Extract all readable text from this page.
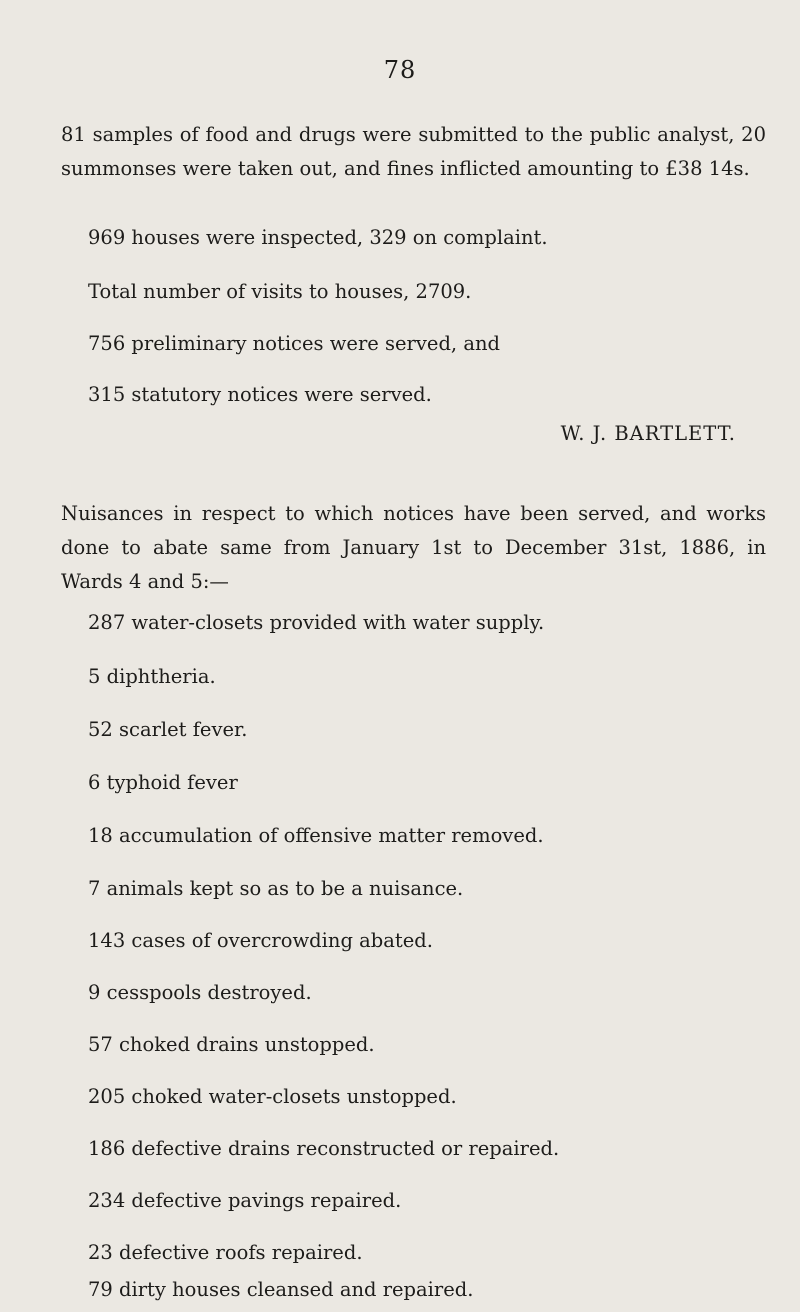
78
81 samples of food and drugs were submitted to the public analyst, 20 summonses were taken out, and fines inflicted amounting to £38 14s.
969 houses were inspected, 329 on complaint.
Total number of visits to houses, 2709.
756 preliminary notices were served, and
315 statutory notices were served.
W. J. BARTLETT.
Nuisances in respect to which notices have been served, and works done to abate same from January 1st to December 31st, 1886, in Wards 4 and 5:—
287 water-closets provided with water supply.
5 diphtheria.
52 scarlet fever.
6 typhoid fever
18 accumulation of offensive matter removed.
7 animals kept so as to be a nuisance.
143 cases of overcrowding abated.
9 cesspools destroyed.
57 choked drains unstopped.
205 choked water-closets unstopped.
186 defective drains reconstructed or repaired.
234 defective pavings repaired.
23 defective roofs repaired.
79 dirty houses cleansed and repaired.
